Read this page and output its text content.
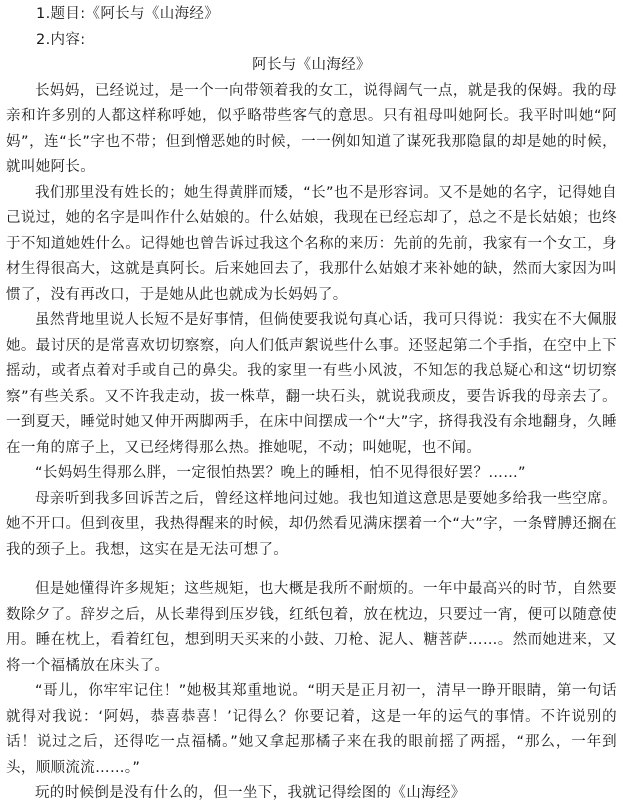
1.题目:《阿长与《山海经》

2.内容:

阿长与《山海经》

长妈妈，已经说过，是一个一向带领着我的女工，说得阔气一点，就是我的保姆。我的母亲和许多别的人都这样称呼她，似乎略带些客气的意思。只有祖母叫她阿长。我平时叫她“阿妈”，连“长”字也不带；但到憎恶她的时候，一一例如知道了谋死我那隐鼠的却是她的时候，就叫她阿长。

我们那里没有姓长的；她生得黄胖而矮，“长”也不是形容词。又不是她的名字，记得她自己说过，她的名字是叫作什么姑娘的。什么姑娘，我现在已经忘却了，总之不是长姑娘；也终于不知道她姓什么。记得她也曾告诉过我这个名称的来历：先前的先前，我家有一个女工，身材生得很高大，这就是真阿长。后来她回去了，我那什么姑娘才来补她的缺，然而大家因为叫惯了，没有再改口，于是她从此也就成为长妈妈了。

虽然背地里说人长短不是好事情，但倘使要我说句真心话，我可只得说：我实在不大佩服她。最讨厌的是常喜欢切切察察，向人们低声絮说些什么事。还竖起第二个手指，在空中上下摇动，或者点着对手或自己的鼻尖。我的家里一有些小风波，不知怎的我总疑心和这“切切察察”有些关系。又不许我走动，拔一株草，翻一块石头，就说我顽皮，要告诉我的母亲去了。一到夏天，睡觉时她又伸开两脚两手，在床中间摆成一个“大”字，挤得我没有余地翻身，久睡在一角的席子上，又已经烤得那么热。推她呢，不动；叫她呢，也不闻。

“长妈妈生得那么胖，一定很怕热罢？晚上的睡相，怕不见得很好罢？……”

母亲听到我多回诉苦之后，曾经这样地问过她。我也知道这意思是要她多给我一些空席。她不开口。但到夜里，我热得醒来的时候，却仍然看见满床摆着一个“大”字，一条臂膊还搁在我的颈子上。我想，这实在是无法可想了。

但是她懂得许多规矩；这些规矩，也大概是我所不耐烦的。一年中最高兴的时节，自然要数除夕了。辞岁之后，从长辈得到压岁钱，红纸包着，放在枕边，只要过一宵，便可以随意使用。睡在枕上，看着红包，想到明天买来的小鼓、刀枪、泥人、糖菩萨……。然而她进来，又将一个福橘放在床头了。

“哥儿，你牢牢记住！”她极其郑重地说。“明天是正月初一，清早一睁开眼睛，第一句话就得对我说：‘阿妈，恭喜恭喜！’记得么？你要记着，这是一年的运气的事情。不许说别的话！说过之后，还得吃一点福橘。”她又拿起那橘子来在我的眼前摇了两摇，“那么，一年到头，顺顺流流……。”

玩的时候倒是没有什么的，但一坐下，我就记得绘图的《山海经》
